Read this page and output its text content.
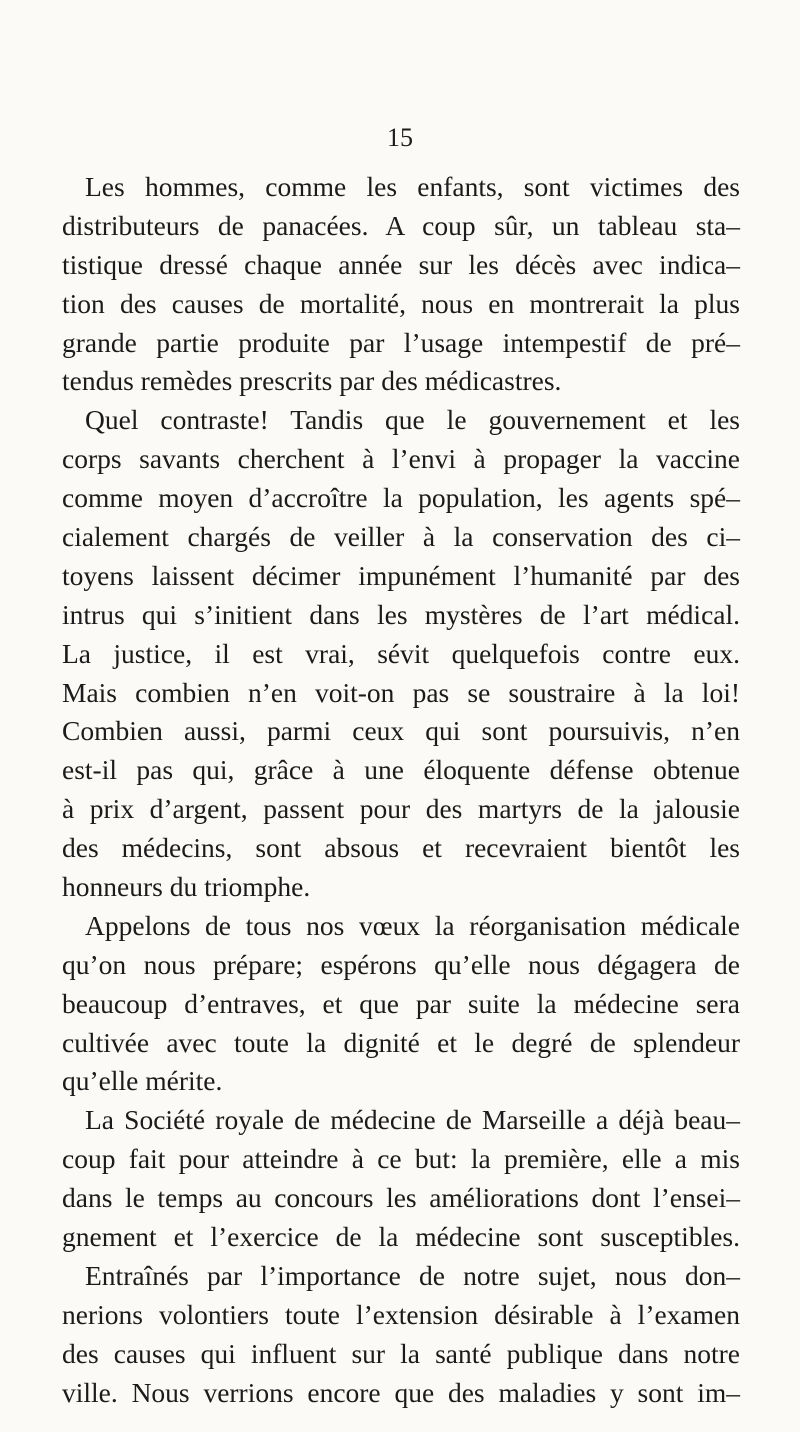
15
Les hommes, comme les enfants, sont victimes des
distributeurs de panacées. A coup sûr, un tableau sta–
tistique dressé chaque année sur les décès avec indica–
tion des causes de mortalité, nous en montrerait la plus
grande partie produite par l’usage intempestif de pré–
tendus remèdes prescrits par des médicastres.
Quel contraste! Tandis que le gouvernement et les
corps savants cherchent à l’envi à propager la vaccine
comme moyen d’accroître la population, les agents spé–
cialement chargés de veiller à la conservation des ci–
toyens laissent décimer impunément l’humanité par des
intrus qui s’initient dans les mystères de l’art médical.
La justice, il est vrai, sévit quelquefois contre eux.
Mais combien n’en voit-on pas se soustraire à la loi!
Combien aussi, parmi ceux qui sont poursuivis, n’en
est-il pas qui, grâce à une éloquente défense obtenue
à prix d’argent, passent pour des martyrs de la jalousie
des médecins, sont absous et recevraient bientôt les
honneurs du triomphe.
Appelons de tous nos vœux la réorganisation médicale
qu’on nous prépare; espérons qu’elle nous dégagera de
beaucoup d’entraves, et que par suite la médecine sera
cultivée avec toute la dignité et le degré de splendeur
qu’elle mérite.
La Société royale de médecine de Marseille a déjà beau–
coup fait pour atteindre à ce but: la première, elle a mis
dans le temps au concours les améliorations dont l’ensei–
gnement et l’exercice de la médecine sont susceptibles.
Entraînés par l’importance de notre sujet, nous don–
nerions volontiers toute l’extension désirable à l’examen
des causes qui influent sur la santé publique dans notre
ville. Nous verrions encore que des maladies y sont im–
